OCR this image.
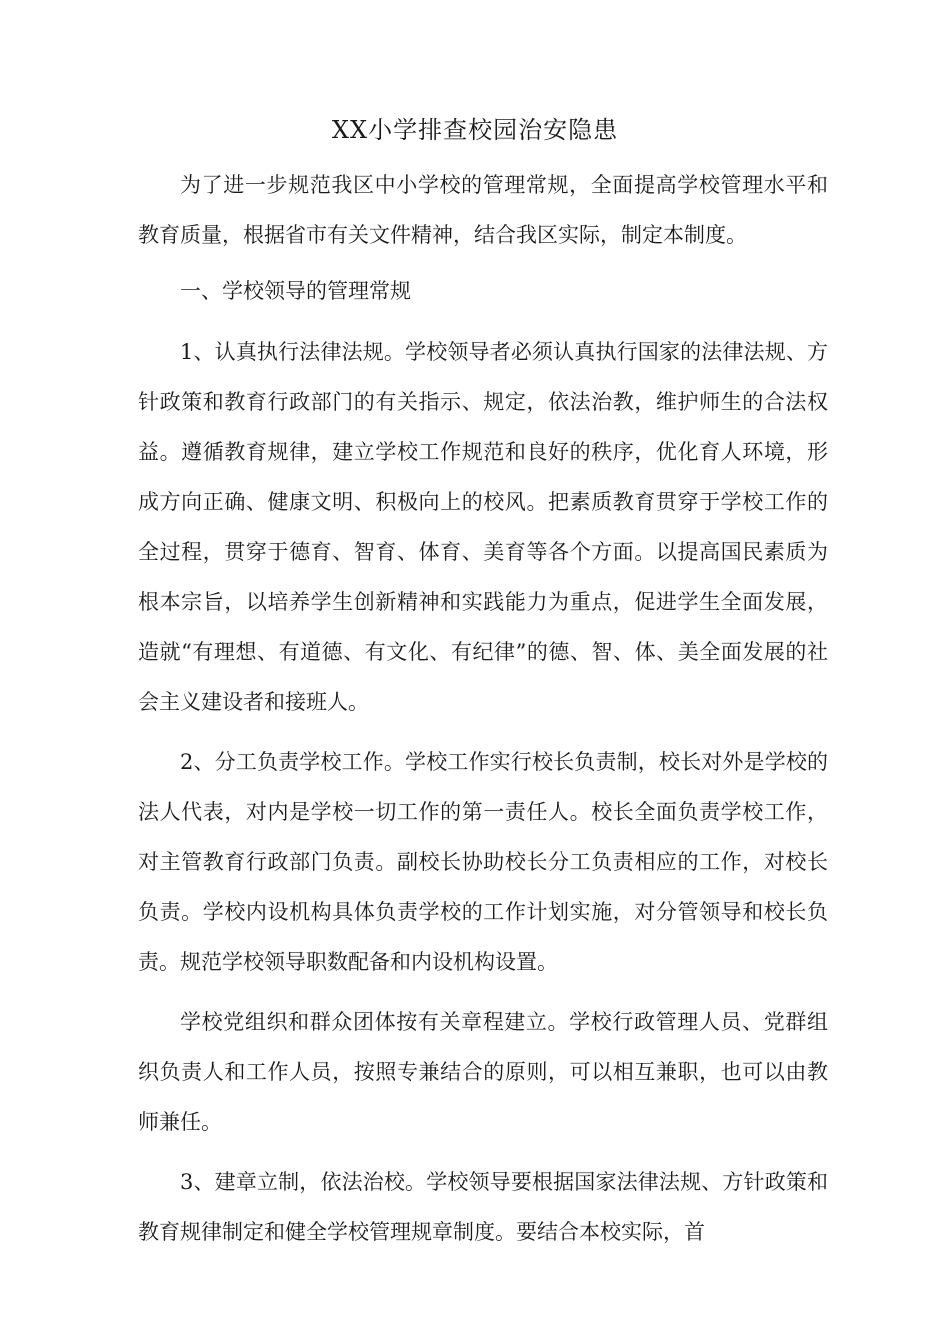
XX小学排查校园治安隐患

为了进一步规范我区中小学校的管理常规，全面提高学校管理水平和教育质量，根据省市有关文件精神，结合我区实际，制定本制度。

一、学校领导的管理常规

1、认真执行法律法规。学校领导者必须认真执行国家的法律法规、方针政策和教育行政部门的有关指示、规定，依法治教，维护师生的合法权益。遵循教育规律，建立学校工作规范和良好的秩序，优化育人环境，形成方向正确、健康文明、积极向上的校风。把素质教育贯穿于学校工作的全过程，贯穿于德育、智育、体育、美育等各个方面。以提高国民素质为根本宗旨，以培养学生创新精神和实践能力为重点，促进学生全面发展，造就“有理想、有道德、有文化、有纪律”的德、智、体、美全面发展的社会主义建设者和接班人。

2、分工负责学校工作。学校工作实行校长负责制，校长对外是学校的法人代表，对内是学校一切工作的第一责任人。校长全面负责学校工作，对主管教育行政部门负责。副校长协助校长分工负责相应的工作，对校长负责。学校内设机构具体负责学校的工作计划实施，对分管领导和校长负责。规范学校领导职数配备和内设机构设置。

学校党组织和群众团体按有关章程建立。学校行政管理人员、党群组织负责人和工作人员，按照专兼结合的原则，可以相互兼职，也可以由教师兼任。

3、建章立制，依法治校。学校领导要根据国家法律法规、方针政策和教育规律制定和健全学校管理规章制度。要结合本校实际，首
